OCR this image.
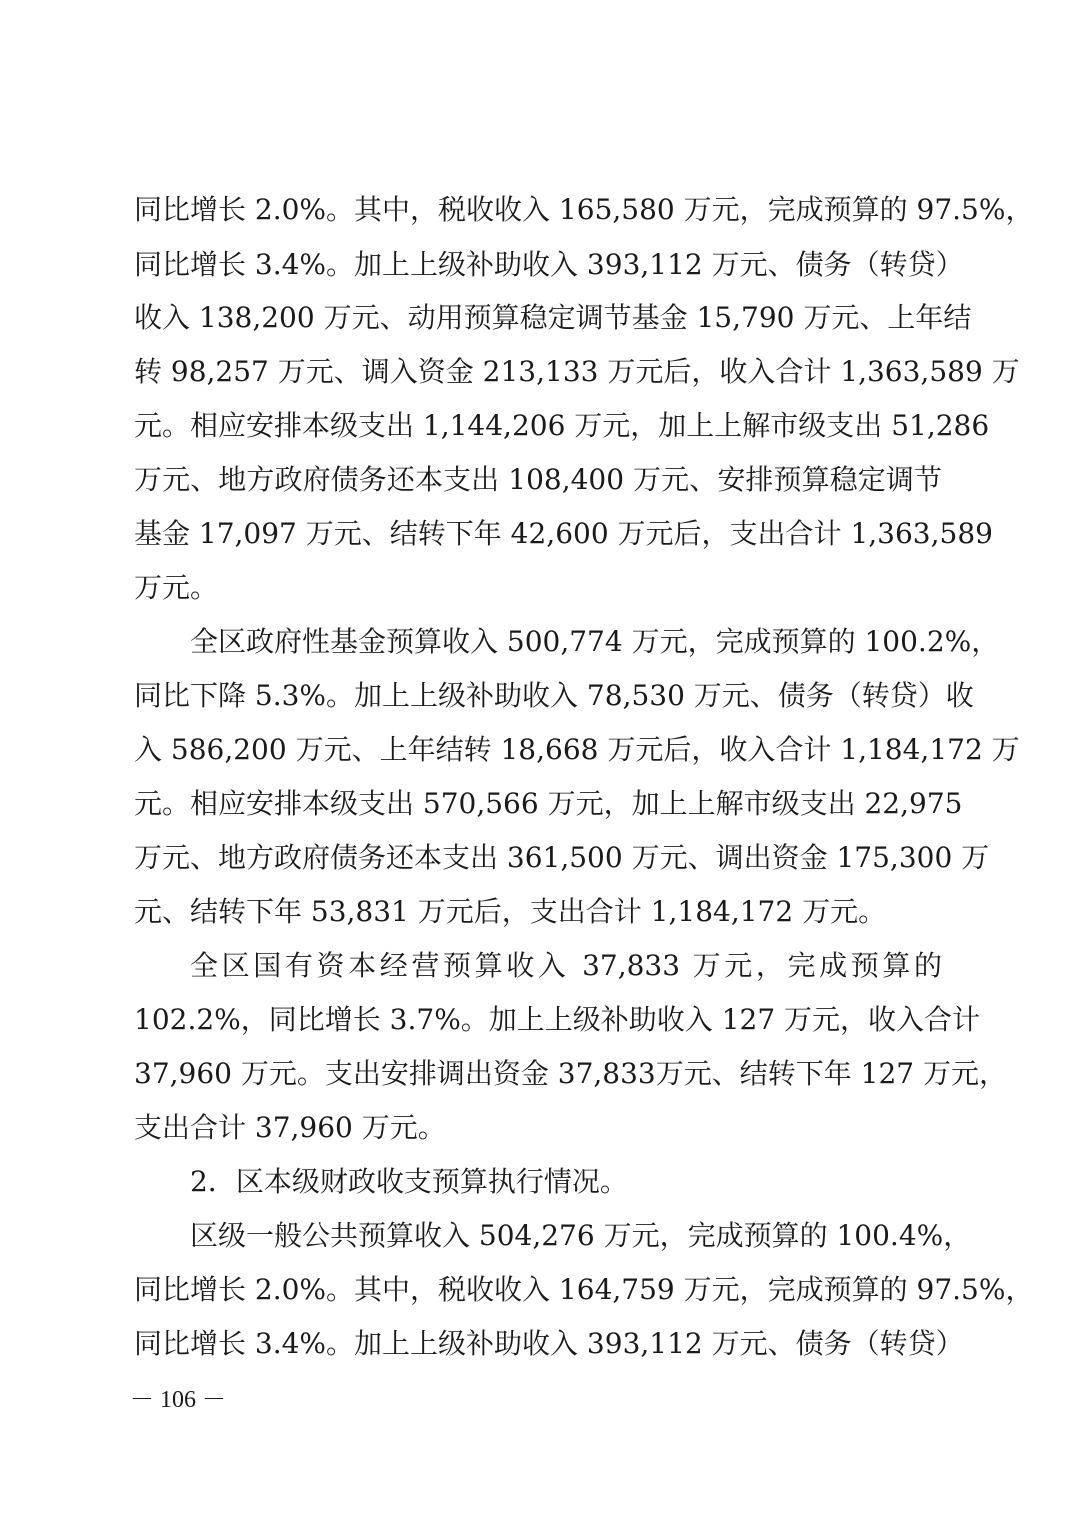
同比增长 2.0%。其中，税收收入 165,580 万元，完成预算的 97.5%，
同比增长 3.4%。加上上级补助收入 393,112 万元、债务（转贷）
收入 138,200 万元、动用预算稳定调节基金 15,790 万元、上年结
转 98,257 万元、调入资金 213,133 万元后，收入合计 1,363,589 万
元。相应安排本级支出 1,144,206 万元，加上上解市级支出 51,286
万元、地方政府债务还本支出 108,400 万元、安排预算稳定调节
基金 17,097 万元、结转下年 42,600 万元后，支出合计 1,363,589
万元。
全区政府性基金预算收入 500,774 万元，完成预算的 100.2%，
同比下降 5.3%。加上上级补助收入 78,530 万元、债务（转贷）收
入 586,200 万元、上年结转 18,668 万元后，收入合计 1,184,172 万
元。相应安排本级支出 570,566 万元，加上上解市级支出 22,975
万元、地方政府债务还本支出 361,500 万元、调出资金 175,300 万
元、结转下年 53,831 万元后，支出合计 1,184,172 万元。
全区国有资本经营预算收入 37,833 万元，完成预算的
102.2%，同比增长 3.7%。加上上级补助收入 127 万元，收入合计
37,960 万元。支出安排调出资金 37,833万元、结转下年 127 万元，
支出合计 37,960 万元。
2．区本级财政收支预算执行情况。
区级一般公共预算收入 504,276 万元，完成预算的 100.4%，
同比增长 2.0%。其中，税收收入 164,759 万元，完成预算的 97.5%，
同比增长 3.4%。加上上级补助收入 393,112 万元、债务（转贷）
－ 106 －
